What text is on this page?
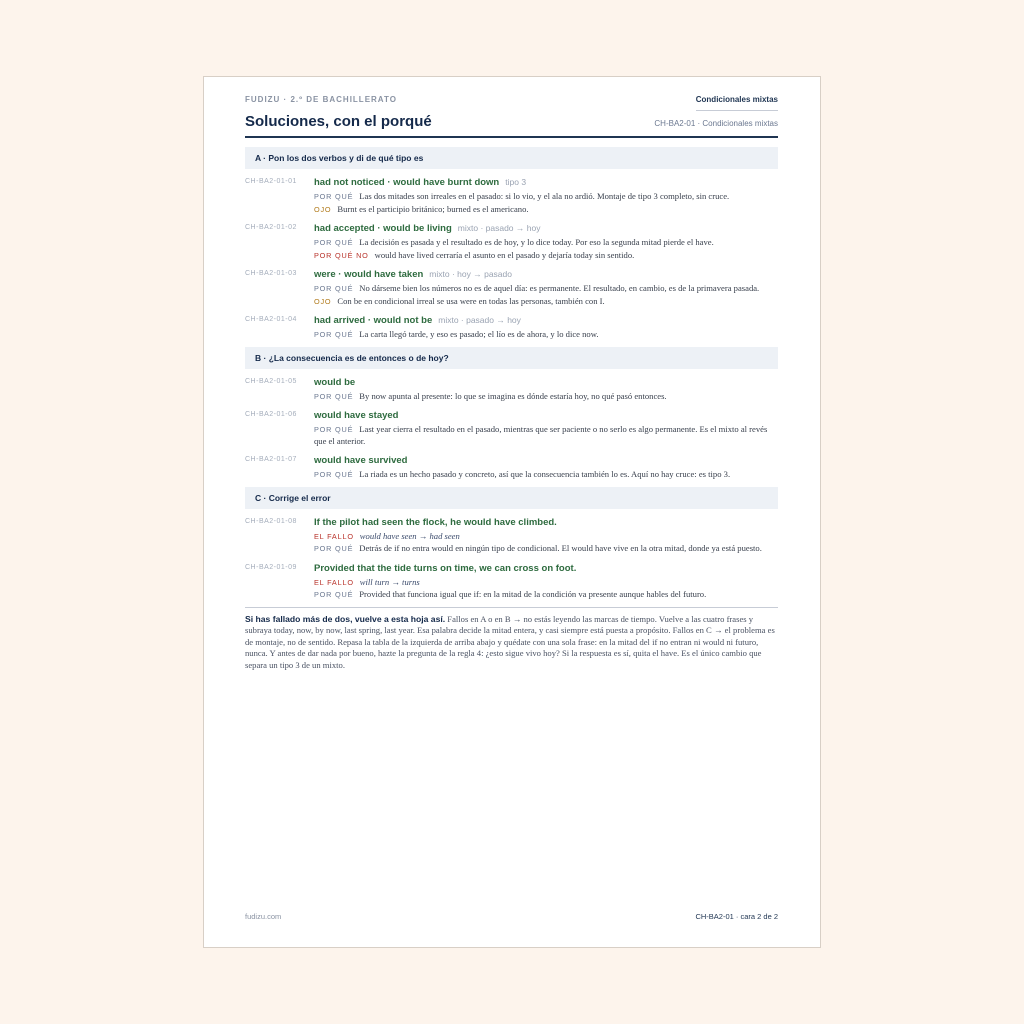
FUDIZU · 2.º DE BACHILLERATO	Condicionales mixtas
Soluciones, con el porqué	CH-BA2-01 · Condicionales mixtas
A · Pon los dos verbos y di de qué tipo es
CH-BA2-01-01 had not noticed · would have burnt down tipo 3
POR QUÉ Las dos mitades son irreales en el pasado: si lo vio, y el ala no ardió. Montaje de tipo 3 completo, sin cruce.
OJO Burnt es el participio británico; burned es el americano.
CH-BA2-01-02 had accepted · would be living mixto · pasado → hoy
POR QUÉ La decisión es pasada y el resultado es de hoy, y lo dice today. Por eso la segunda mitad pierde el have.
POR QUÉ NO would have lived cerraría el asunto en el pasado y dejaría today sin sentido.
CH-BA2-01-03 were · would have taken mixto · hoy → pasado
POR QUÉ No dárseme bien los números no es de aquel día: es permanente. El resultado, en cambio, es de la primavera pasada.
OJO Con be en condicional irreal se usa were en todas las personas, también con I.
CH-BA2-01-04 had arrived · would not be mixto · pasado → hoy
POR QUÉ La carta llegó tarde, y eso es pasado; el lío es de ahora, y lo dice now.
B · ¿La consecuencia es de entonces o de hoy?
CH-BA2-01-05 would be
POR QUÉ By now apunta al presente: lo que se imagina es dónde estaría hoy, no qué pasó entonces.
CH-BA2-01-06 would have stayed
POR QUÉ Last year cierra el resultado en el pasado, mientras que ser paciente o no serlo es algo permanente. Es el mixto al revés que el anterior.
CH-BA2-01-07 would have survived
POR QUÉ La riada es un hecho pasado y concreto, así que la consecuencia también lo es. Aquí no hay cruce: es tipo 3.
C · Corrige el error
CH-BA2-01-08 If the pilot had seen the flock, he would have climbed.
EL FALLO would have seen → had seen
POR QUÉ Detrás de if no entra would en ningún tipo de condicional. El would have vive en la otra mitad, donde ya está puesto.
CH-BA2-01-09 Provided that the tide turns on time, we can cross on foot.
EL FALLO will turn → turns
POR QUÉ Provided that funciona igual que if: en la mitad de la condición va presente aunque hables del futuro.
Si has fallado más de dos, vuelve a esta hoja así. Fallos en A o en B → no estás leyendo las marcas de tiempo. Vuelve a las cuatro frases y subraya today, now, by now, last spring, last year. Esa palabra decide la mitad entera, y casi siempre está puesta a propósito. Fallos en C → el problema es de montaje, no de sentido. Repasa la tabla de la izquierda de arriba abajo y quédate con una sola frase: en la mitad del if no entran ni would ni futuro, nunca. Y antes de dar nada por bueno, hazte la pregunta de la regla 4: ¿esto sigue vivo hoy? Si la respuesta es sí, quita el have. Es el único cambio que separa un tipo 3 de un mixto.
fudizu.com	CH-BA2-01 · cara 2 de 2
